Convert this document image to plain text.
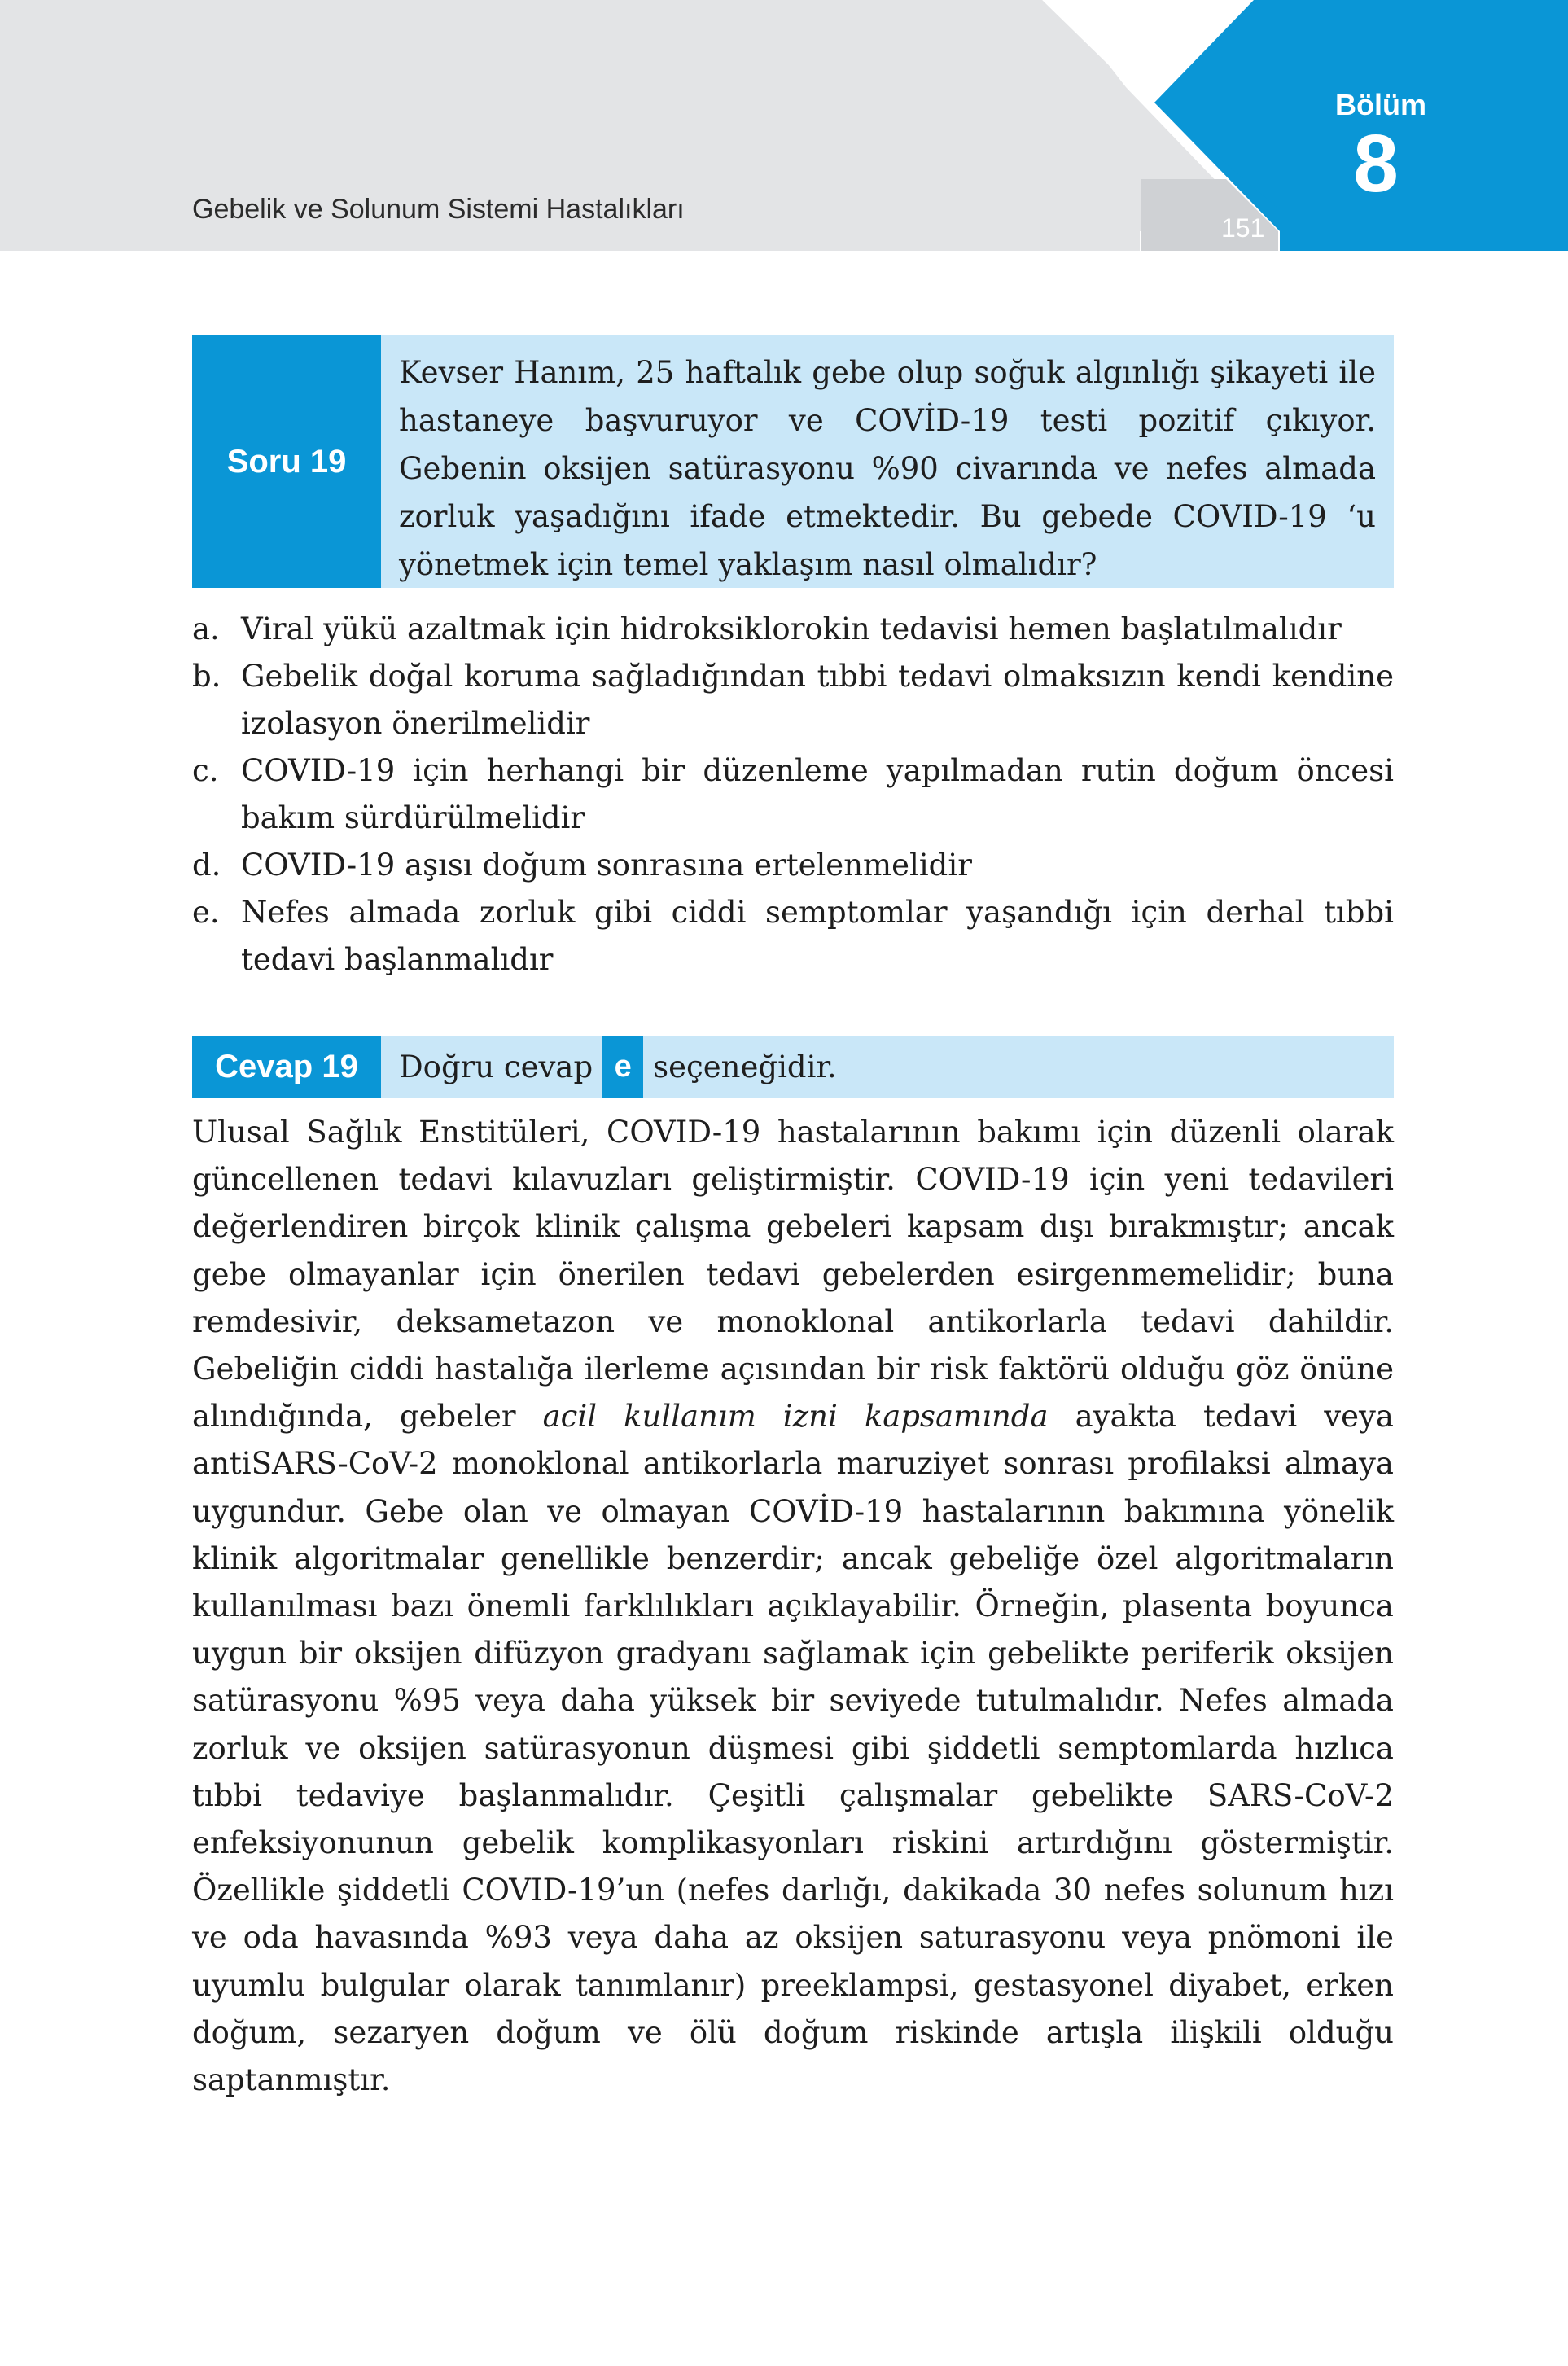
Gebelik ve Solunum Sistemi Hastalıkları
151
Bölüm
8
Soru 19
Kevser Hanım, 25 haftalık gebe olup soğuk algınlığı şikayeti ile hastaneye başvuruyor ve COVİD-19 testi pozitif çıkıyor. Gebenin oksijen satürasyonu %90 civarında ve nefes almada zorluk yaşadığını ifade etmektedir. Bu gebede COVID-19 ‘u yönetmek için temel yaklaşım nasıl olmalıdır?
a. Viral yükü azaltmak için hidroksiklorokin tedavisi hemen başlatılmalıdır
b. Gebelik doğal koruma sağladığından tıbbi tedavi olmaksızın kendi kendine izolasyon önerilmelidir
c. COVID-19 için herhangi bir düzenleme yapılmadan rutin doğum öncesi bakım sürdürülmelidir
d. COVID-19 aşısı doğum sonrasına ertelenmelidir
e. Nefes almada zorluk gibi ciddi semptomlar yaşandığı için derhal tıbbi tedavi başlanmalıdır
Cevap 19	Doğru cevap e seçeneğidir.

Ulusal Sağlık Enstitüleri, COVID-19 hastalarının bakımı için düzenli olarak güncellenen tedavi kılavuzları geliştirmiştir. COVID-19 için yeni tedavileri değerlendiren birçok klinik çalışma gebeleri kapsam dışı bırakmıştır; ancak gebe olmayanlar için önerilen tedavi gebelerden esirgenmemelidir; buna remdesivir, deksametazon ve monoklonal antikorlarla tedavi dahildir. Gebeliğin ciddi hastalığa ilerleme açısından bir risk faktörü olduğu göz önüne alındığında, gebeler acil kullanım izni kapsamında ayakta tedavi veya antiSARS-CoV-2 monoklonal antikorlarla maruziyet sonrası profilaksi almaya uygundur. Gebe olan ve olmayan COVİD-19 hastalarının bakımına yönelik klinik algoritmalar genellikle benzerdir; ancak gebeliğe özel algoritmaların kullanılması bazı önemli farklılıkları açıklayabilir. Örneğin, plasenta boyunca uygun bir oksijen difüzyon gradyanı sağlamak için gebelikte periferik oksijen satürasyonu %95 veya daha yüksek bir seviyede tutulmalıdır. Nefes almada zorluk ve oksijen satürasyonun düşmesi gibi şiddetli semptomlarda hızlıca tıbbi tedaviye başlanmalıdır. Çeşitli çalışmalar gebelikte SARS-CoV-2 enfeksiyonunun gebelik komplikasyonları riskini artırdığını göstermiştir. Özellikle şiddetli COVID-19’un (nefes darlığı, dakikada 30 nefes solunum hızı ve oda havasında %93 veya daha az oksijen saturasyonu veya pnömoni ile uyumlu bulgular olarak tanımlanır) preeklampsi, gestasyonel diyabet, erken doğum, sezaryen doğum ve ölü doğum riskinde artışla ilişkili olduğu saptanmıştır.
